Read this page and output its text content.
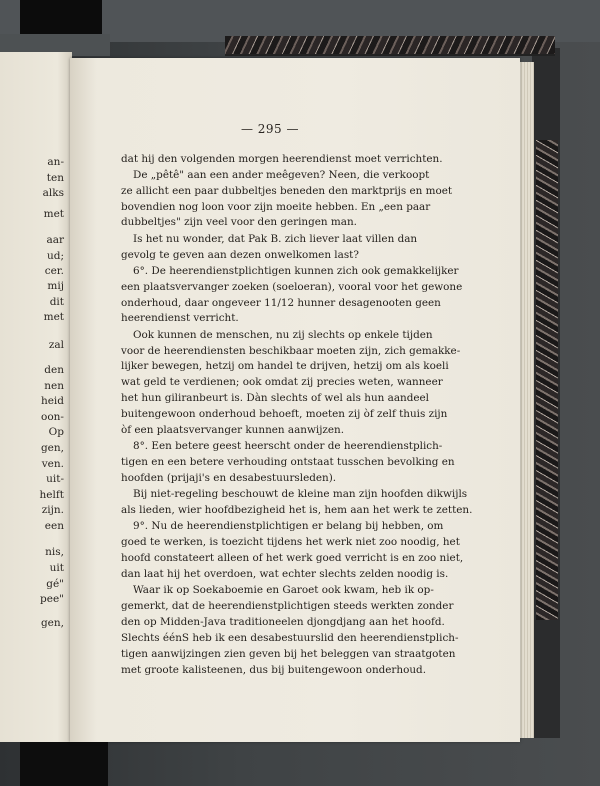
an-
ten
alks
met
aar
ud;
cer.
mij
dit
met
zal
den
nen
heid
oon-
Op
gen,
ven.
uit-
helft
zijn.
een
nis,
uit
gé"
pee"
gen,
— 295 —

dat hij den volgenden morgen heerendienst moet verrichten.

De „pêtê" aan een ander meêgeven? Neen, die verkoopt

ze allicht een paar dubbeltjes beneden den marktprijs en moet

bovendien nog loon voor zijn moeite hebben. En „een paar

dubbeltjes" zijn veel voor den geringen man.

Is het nu wonder, dat Pak B. zich liever laat villen dan

gevolg te geven aan dezen onwelkomen last?

6°. De heerendienstplichtigen kunnen zich ook gemakkelijker

een plaatsvervanger zoeken (soeloeran), vooral voor het gewone

onderhoud, daar ongeveer 11/12 hunner desagenooten geen

heerendienst verricht.

Ook kunnen de menschen, nu zij slechts op enkele tijden

voor de heerendiensten beschikbaar moeten zijn, zich gemakke-

lijker bewegen, hetzij om handel te drijven, hetzij om als koeli

wat geld te verdienen; ook omdat zij precies weten, wanneer

het hun giliranbeurt is. Dàn slechts of wel als hun aandeel

buitengewoon onderhoud behoeft, moeten zij òf zelf thuis zijn

òf een plaatsvervanger kunnen aanwijzen.

8°. Een betere geest heerscht onder de heerendienstplich-

tigen en een betere verhouding ontstaat tusschen bevolking en

hoofden (prijaji's en desabestuursleden).

Bij niet-regeling beschouwt de kleine man zijn hoofden dikwijls

als lieden, wier hoofdbezigheid het is, hem aan het werk te zetten.

9°. Nu de heerendienstplichtigen er belang bij hebben, om

goed te werken, is toezicht tijdens het werk niet zoo noodig, het

hoofd constateert alleen of het werk goed verricht is en zoo niet,

dan laat hij het overdoen, wat echter slechts zelden noodig is.

Waar ik op Soekaboemie en Garoet ook kwam, heb ik op-

gemerkt, dat de heerendienstplichtigen steeds werkten zonder

den op Midden-Java traditioneelen djongdjang aan het hoofd.

Slechts éénS heb ik een desabestuurslid den heerendienstplich-

tigen aanwijzingen zien geven bij het beleggen van straatgoten

met groote kalisteenen, dus bij buitengewoon onderhoud.
